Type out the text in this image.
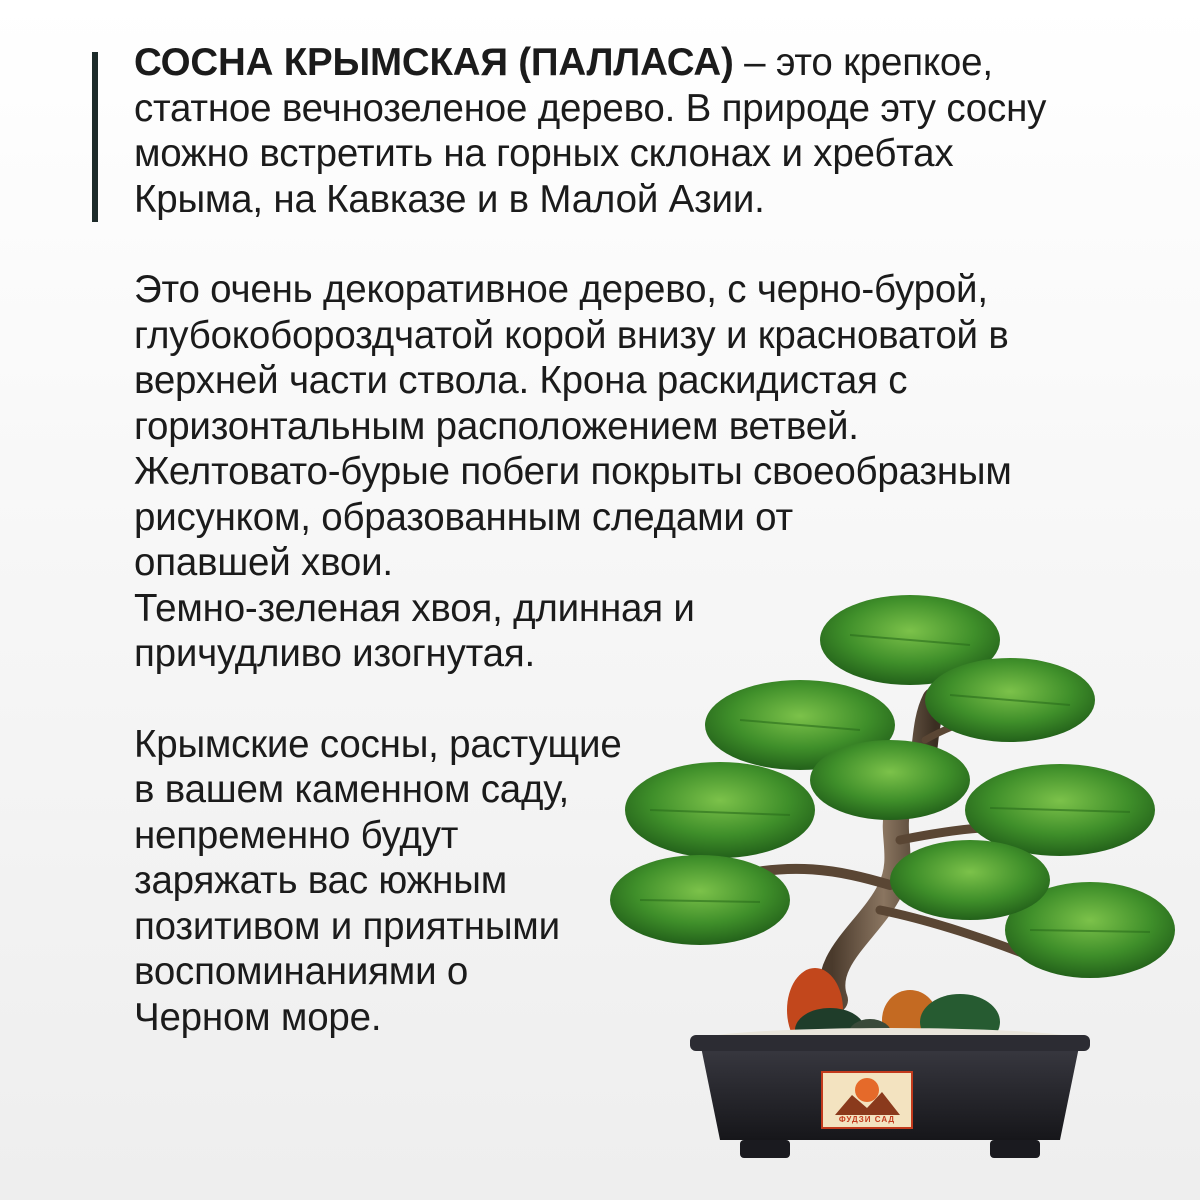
СОСНА КРЫМСКАЯ (ПАЛЛАСА) – это крепкое,
статное вечнозеленое дерево. В природе эту сосну
можно встретить на горных склонах и хребтах
Крыма, на Кавказе и в Малой Азии.
Это очень декоративное дерево, с черно-бурой,
глубокобороздчатой корой внизу и красноватой в
верхней части ствола. Крона раскидистая с
горизонтальным расположением ветвей.
Желтовато-бурые побеги покрыты своеобразным
рисунком, образованным следами от
опавшей хвои.
Темно-зеленая хвоя, длинная и
причудливо изогнутая.
Крымские сосны, растущие
в вашем каменном саду,
непременно будут
заряжать вас южным
позитивом и приятными
воспоминаниями о
Черном море.
ФУДЗИ САД
